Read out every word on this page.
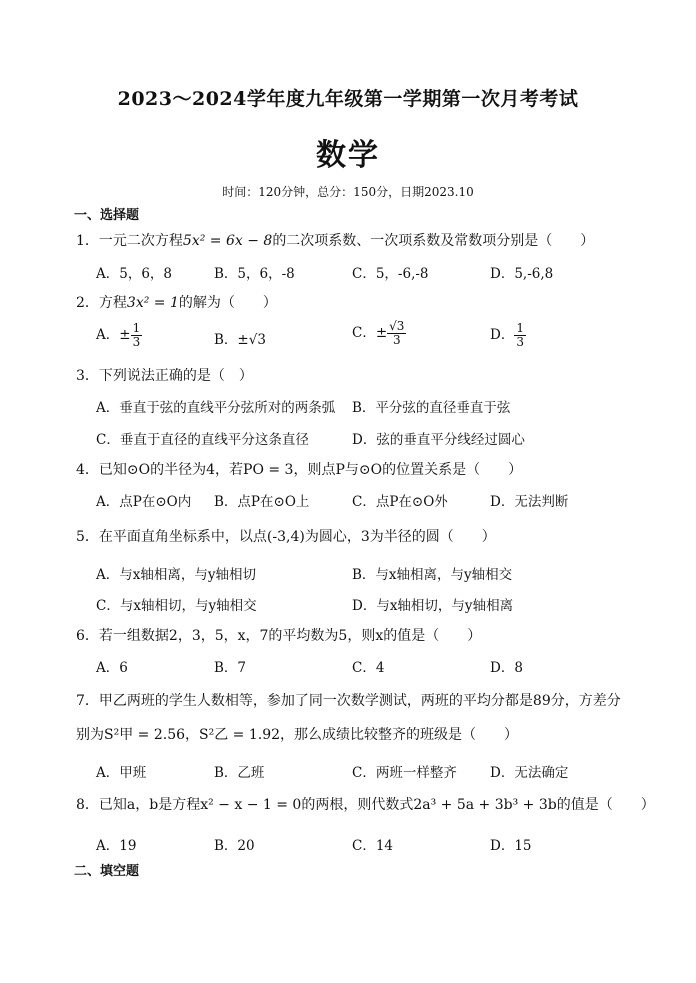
2023～2024学年度九年级第一学期第一次月考考试
数学
时间：120分钟，总分：150分，日期2023.10
一、选择题
1．一元二次方程5x² = 6x − 8的二次项系数、一次项系数及常数项分别是（　　）
A．5，6，8	B．5，6，-8	C．5，-6,-8	D．5,-6,8
2．方程3x² = 1的解为（　　）
A．± $\frac{1}{3}$	B．±√3	C．± $\frac{√3}{3}$	D． $\frac{1}{3}$
3．下列说法正确的是（　）
A．垂直于弦的直线平分弦所对的两条弧 B．平分弦的直径垂直于弦
C．垂直于直径的直线平分这条直径	D．弦的垂直平分线经过圆心
4．已知⊙O的半径为4，若PO = 3，则点P与⊙O的位置关系是（　　）
A．点P在⊙O内 B．点P在⊙O上	C．点P在⊙O外	D．无法判断
5．在平面直角坐标系中，以点(-3,4)为圆心，3为半径的圆（　　）
A．与x轴相离，与y轴相切	B．与x轴相离，与y轴相交
C．与x轴相切，与y轴相交	D．与x轴相切，与y轴相离
6．若一组数据2，3，5，x，7的平均数为5，则x的值是（　　）
A．6	B．7	C．4	D．8
7．甲乙两班的学生人数相等，参加了同一次数学测试，两班的平均分都是89分，方差分
别为S²甲 = 2.56，S²乙 = 1.92，那么成绩比较整齐的班级是（　　）
A．甲班	B．乙班	C．两班一样整齐 D．无法确定
8．已知a，b是方程x² − x − 1 = 0的两根，则代数式2a³ + 5a + 3b³ + 3b的值是（　　）
A．19	B．20	C．14	D．15
二、填空题
